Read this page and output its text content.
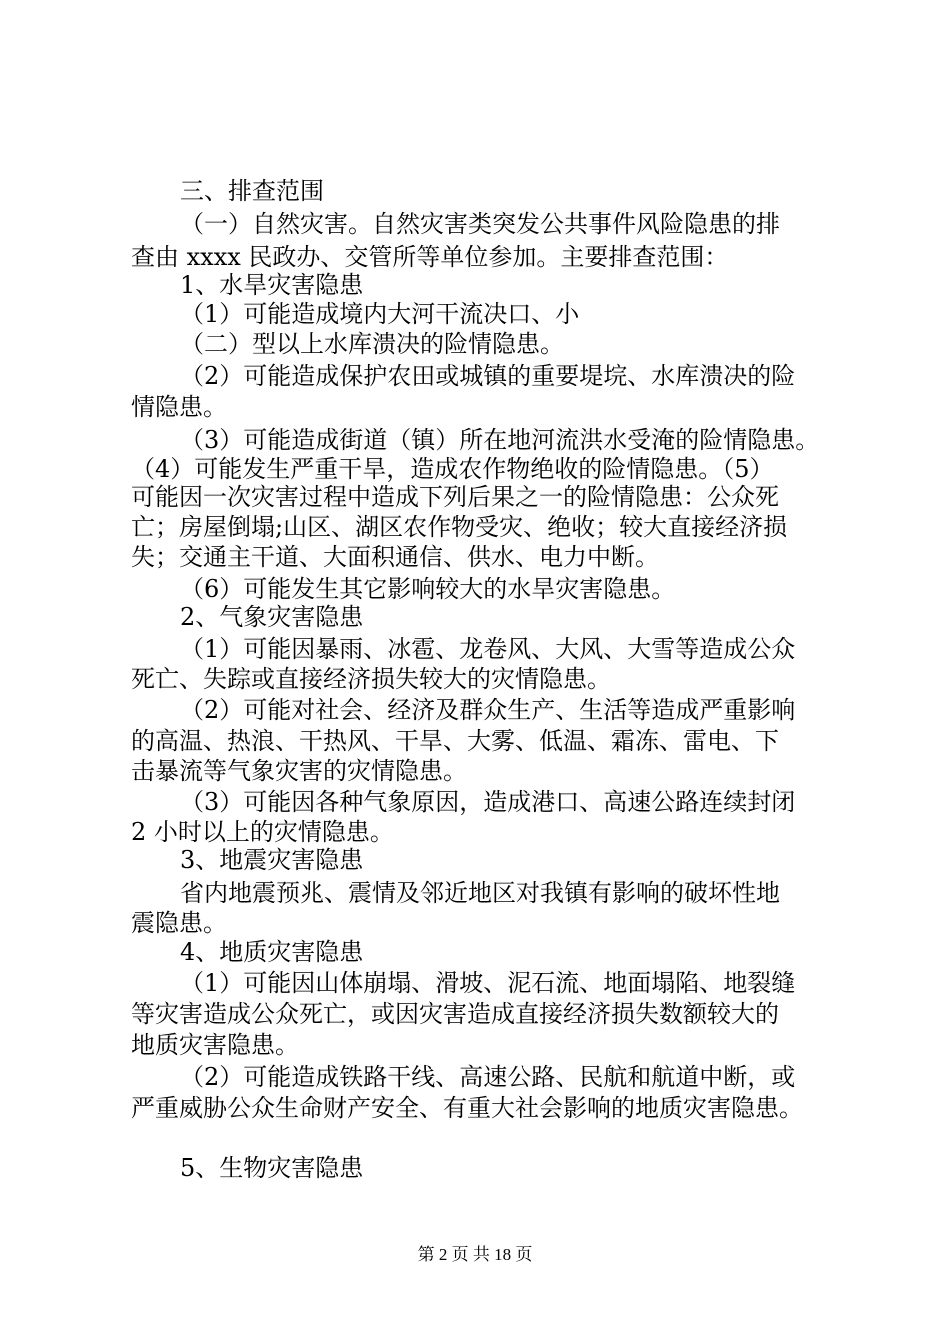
三、排查范围
（一）自然灾害。自然灾害类突发公共事件风险隐患的排
查由 xxxx 民政办、交管所等单位参加。主要排查范围：
1、水旱灾害隐患
（1）可能造成境内大河干流决口、小
（二）型以上水库溃决的险情隐患。
（2）可能造成保护农田或城镇的重要堤垸、水库溃决的险
情隐患。
（3）可能造成街道（镇）所在地河流洪水受淹的险情隐患。
（4）可能发生严重干旱，造成农作物绝收的险情隐患。（5）
可能因一次灾害过程中造成下列后果之一的险情隐患：公众死
亡；房屋倒塌;山区、湖区农作物受灾、绝收；较大直接经济损
失；交通主干道、大面积通信、供水、电力中断。
（6）可能发生其它影响较大的水旱灾害隐患。
2、气象灾害隐患
（1）可能因暴雨、冰雹、龙卷风、大风、大雪等造成公众
死亡、失踪或直接经济损失较大的灾情隐患。
（2）可能对社会、经济及群众生产、生活等造成严重影响
的高温、热浪、干热风、干旱、大雾、低温、霜冻、雷电、下
击暴流等气象灾害的灾情隐患。
（3）可能因各种气象原因，造成港口、高速公路连续封闭
2 小时以上的灾情隐患。
3、地震灾害隐患
省内地震预兆、震情及邻近地区对我镇有影响的破坏性地
震隐患。
4、地质灾害隐患
（1）可能因山体崩塌、滑坡、泥石流、地面塌陷、地裂缝
等灾害造成公众死亡，或因灾害造成直接经济损失数额较大的
地质灾害隐患。
（2）可能造成铁路干线、高速公路、民航和航道中断，或
严重威胁公众生命财产安全、有重大社会影响的地质灾害隐患。
5、生物灾害隐患
第 2 页 共 18 页
